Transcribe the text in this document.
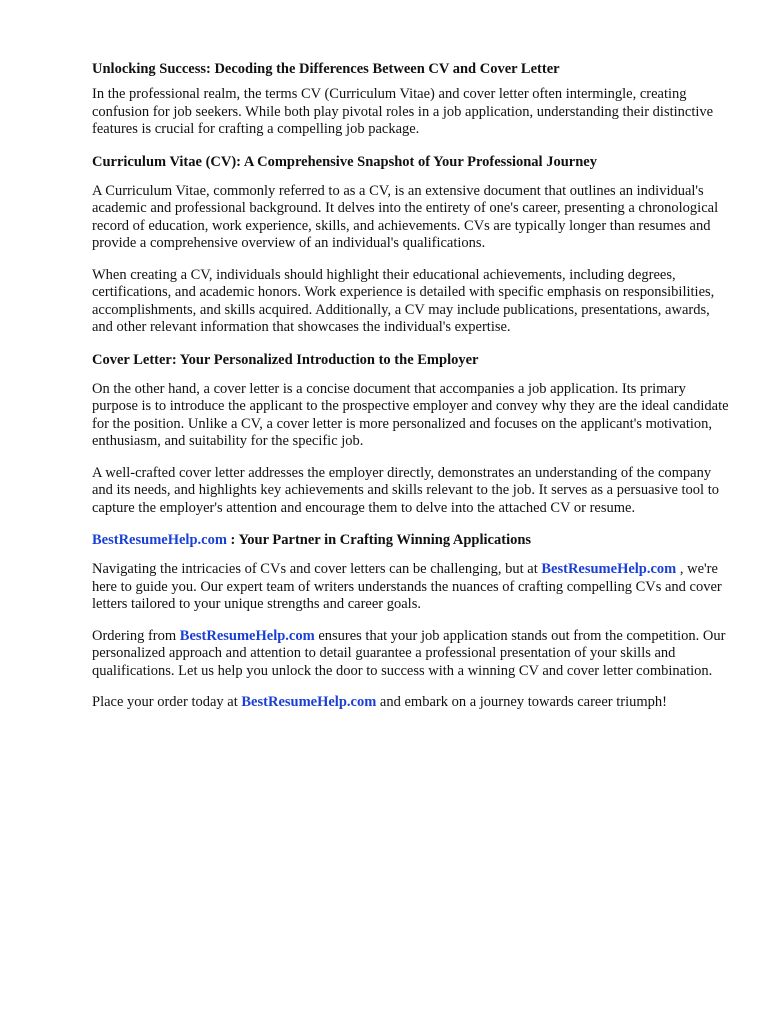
Unlocking Success: Decoding the Differences Between CV and Cover Letter

In the professional realm, the terms CV (Curriculum Vitae) and cover letter often intermingle, creating confusion for job seekers. While both play pivotal roles in a job application, understanding their distinctive features is crucial for crafting a compelling job package.

Curriculum Vitae (CV): A Comprehensive Snapshot of Your Professional Journey

A Curriculum Vitae, commonly referred to as a CV, is an extensive document that outlines an individual's academic and professional background. It delves into the entirety of one's career, presenting a chronological record of education, work experience, skills, and achievements. CVs are typically longer than resumes and provide a comprehensive overview of an individual's qualifications.

When creating a CV, individuals should highlight their educational achievements, including degrees, certifications, and academic honors. Work experience is detailed with specific emphasis on responsibilities, accomplishments, and skills acquired. Additionally, a CV may include publications, presentations, awards, and other relevant information that showcases the individual's expertise.

Cover Letter: Your Personalized Introduction to the Employer

On the other hand, a cover letter is a concise document that accompanies a job application. Its primary purpose is to introduce the applicant to the prospective employer and convey why they are the ideal candidate for the position. Unlike a CV, a cover letter is more personalized and focuses on the applicant's motivation, enthusiasm, and suitability for the specific job.

A well-crafted cover letter addresses the employer directly, demonstrates an understanding of the company and its needs, and highlights key achievements and skills relevant to the job. It serves as a persuasive tool to capture the employer's attention and encourage them to delve into the attached CV or resume.

BestResumeHelp.com : Your Partner in Crafting Winning Applications

Navigating the intricacies of CVs and cover letters can be challenging, but at BestResumeHelp.com , we're here to guide you. Our expert team of writers understands the nuances of crafting compelling CVs and cover letters tailored to your unique strengths and career goals.

Ordering from BestResumeHelp.com ensures that your job application stands out from the competition. Our personalized approach and attention to detail guarantee a professional presentation of your skills and qualifications. Let us help you unlock the door to success with a winning CV and cover letter combination.

Place your order today at BestResumeHelp.com and embark on a journey towards career triumph!
